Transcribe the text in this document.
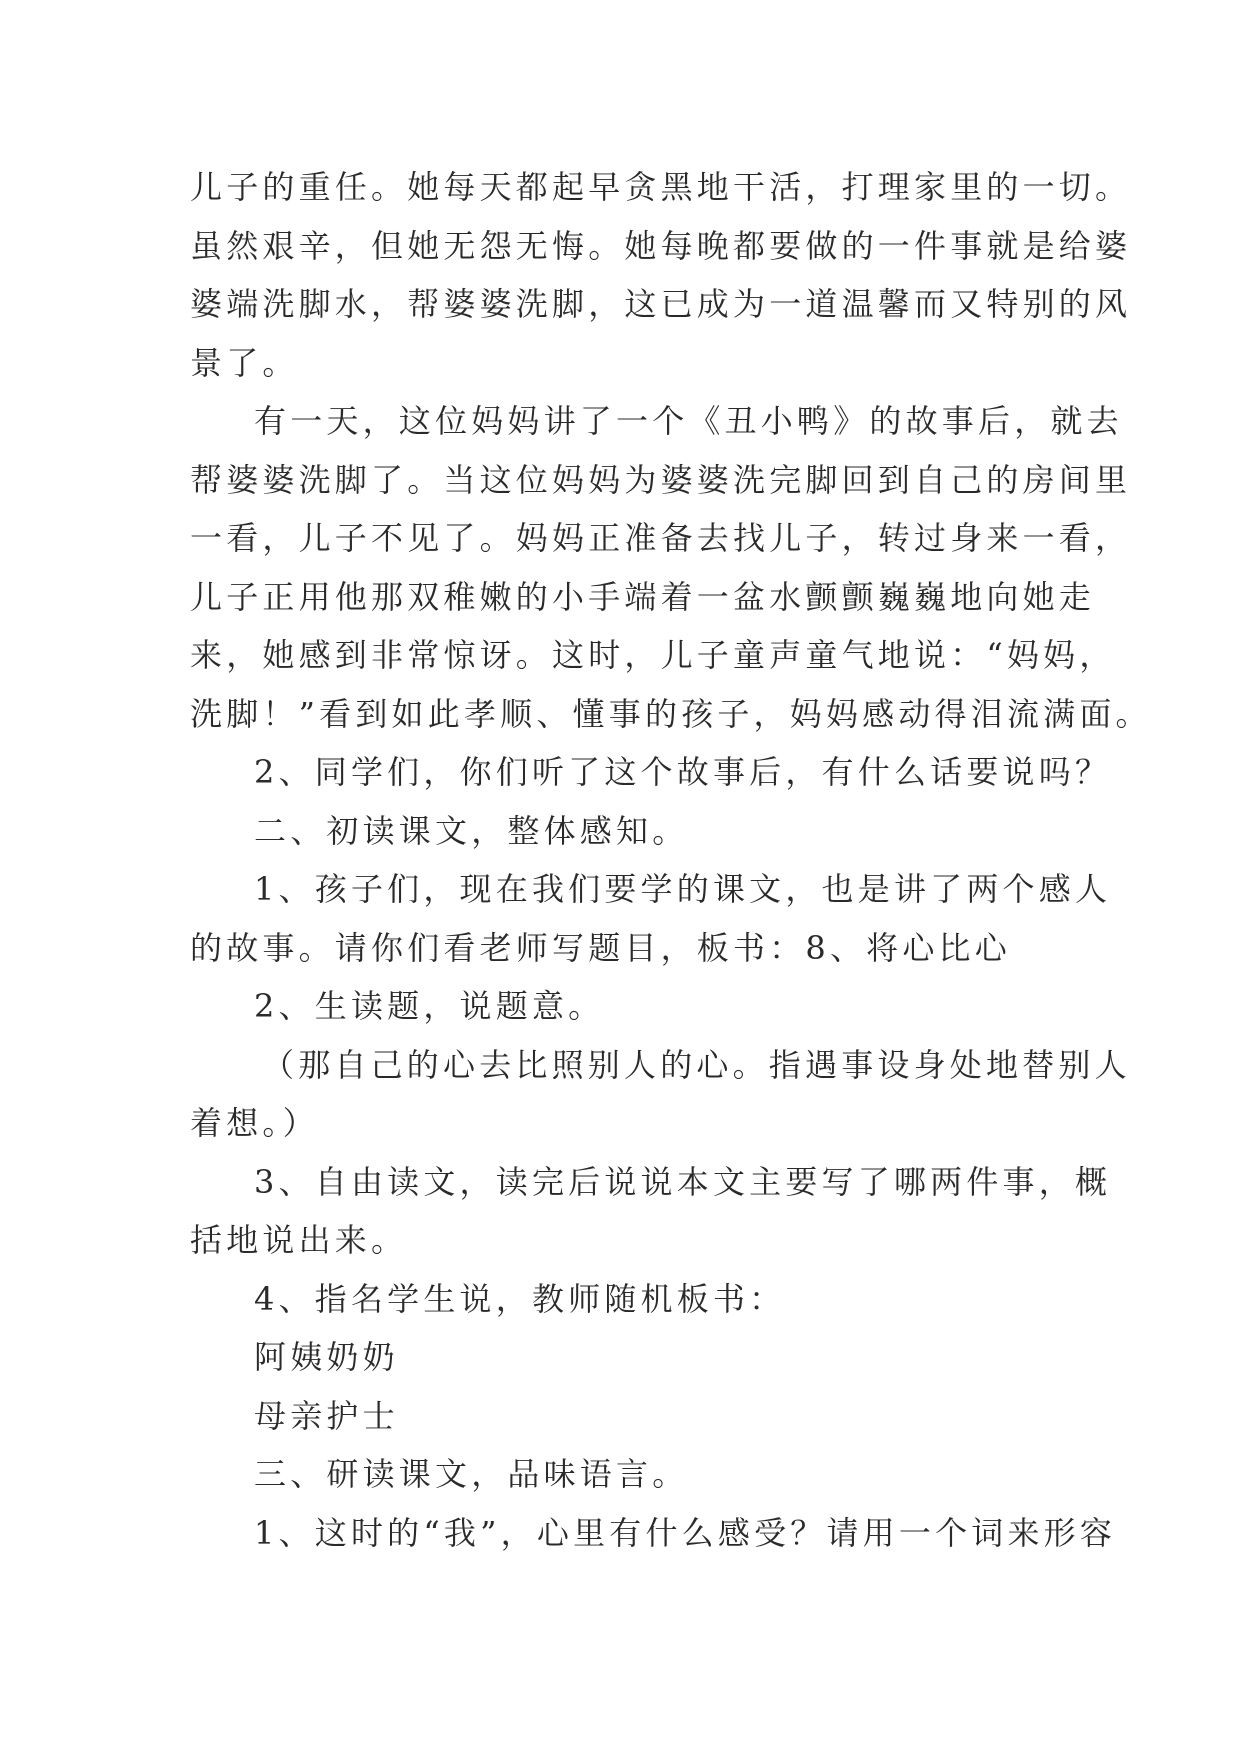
儿子的重任。她每天都起早贪黑地干活，打理家里的一切。
虽然艰辛，但她无怨无悔。她每晚都要做的一件事就是给婆
婆端洗脚水，帮婆婆洗脚，这已成为一道温馨而又特别的风
景了。
有一天，这位妈妈讲了一个《丑小鸭》的故事后，就去
帮婆婆洗脚了。当这位妈妈为婆婆洗完脚回到自己的房间里
一看，儿子不见了。妈妈正准备去找儿子，转过身来一看，
儿子正用他那双稚嫩的小手端着一盆水颤颤巍巍地向她走
来，她感到非常惊讶。这时，儿子童声童气地说：“妈妈，
洗脚！”看到如此孝顺、懂事的孩子，妈妈感动得泪流满面。
2、同学们，你们听了这个故事后，有什么话要说吗？
二、初读课文，整体感知。
1、孩子们，现在我们要学的课文，也是讲了两个感人
的故事。请你们看老师写题目，板书：8、将心比心
2、生读题，说题意。
（那自己的心去比照别人的心。指遇事设身处地替别人
着想。）
3、自由读文，读完后说说本文主要写了哪两件事，概
括地说出来。
4、指名学生说，教师随机板书：
阿姨奶奶
母亲护士
三、研读课文，品味语言。
1、这时的“我”，心里有什么感受？请用一个词来形容
